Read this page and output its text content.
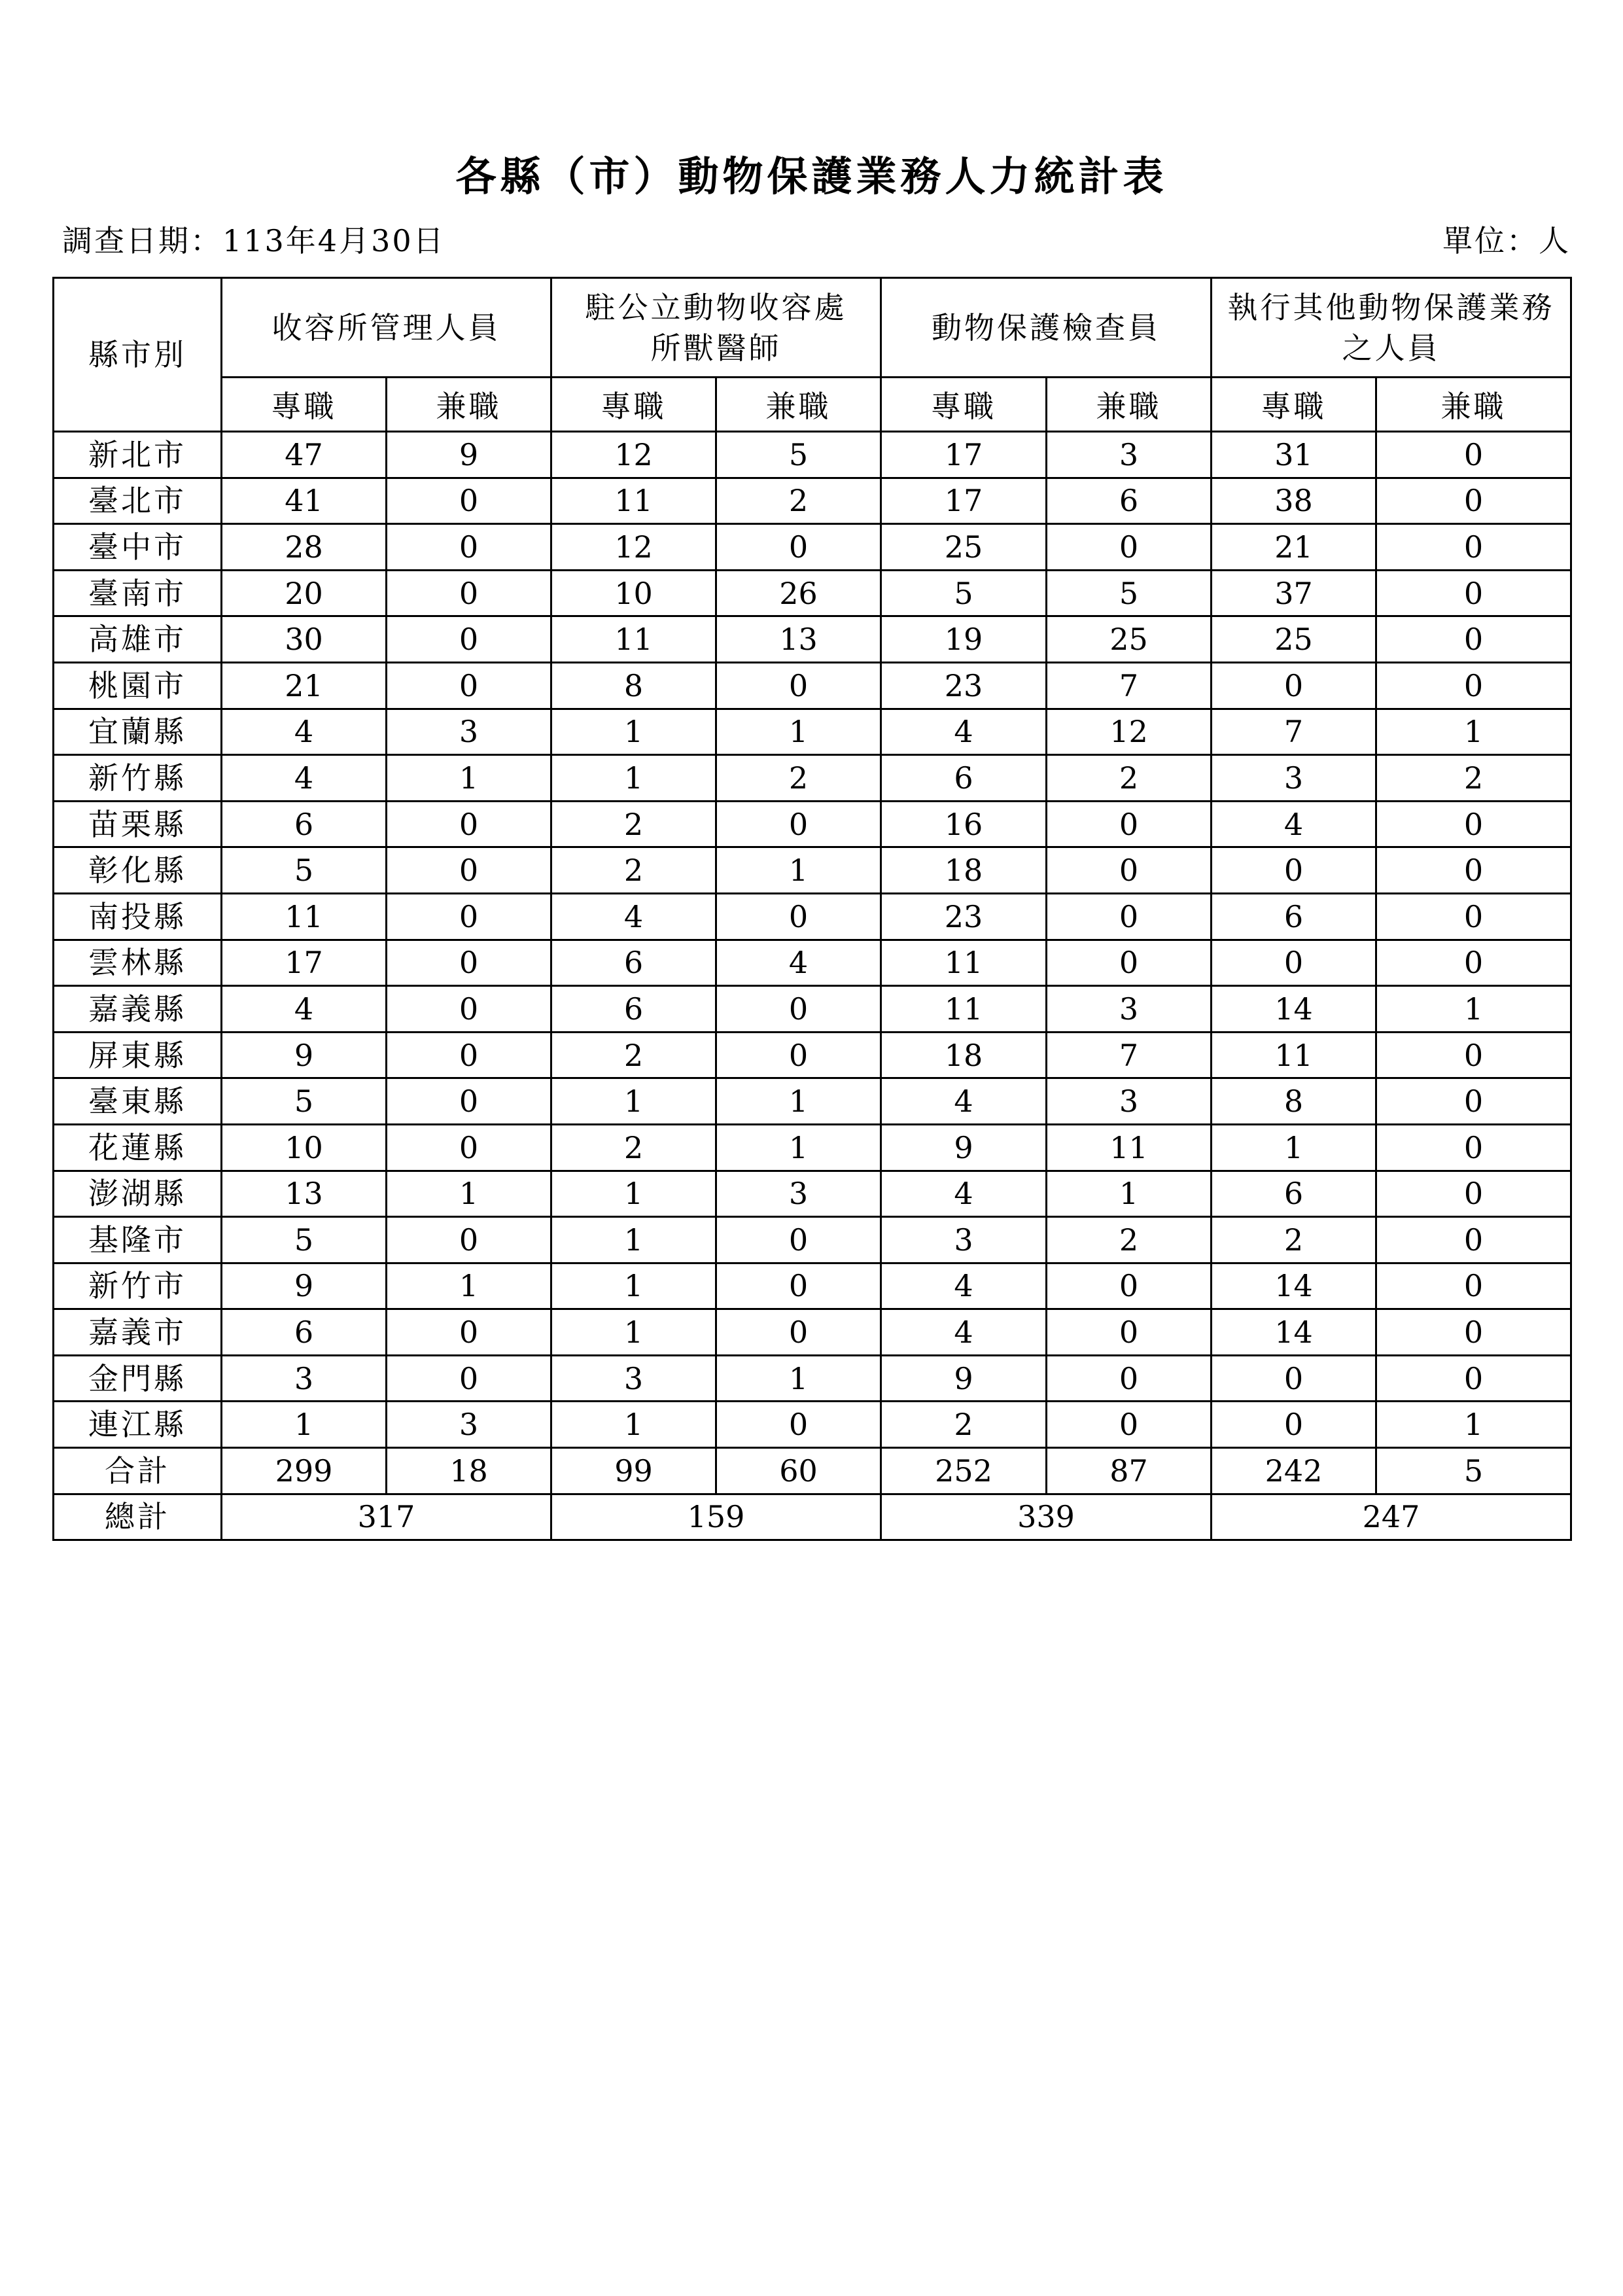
各縣（市）動物保護業務人力統計表
調查日期：113年4月30日	單位：人
縣市別	收容所管理人員		駐公立動物收容處所獸醫師		動物保護檢查員		執行其他動物保護業務之人員	
	專職	兼職	專職	兼職	專職	兼職	專職	兼職
新北市	47	9	12	5	17	3	31	0
臺北市	41	0	11	2	17	6	38	0
臺中市	28	0	12	0	25	0	21	0
臺南市	20	0	10	26	5	5	37	0
高雄市	30	0	11	13	19	25	25	0
桃園市	21	0	8	0	23	7	0	0
宜蘭縣	4	3	1	1	4	12	7	1
新竹縣	4	1	1	2	6	2	3	2
苗栗縣	6	0	2	0	16	0	4	0
彰化縣	5	0	2	1	18	0	0	0
南投縣	11	0	4	0	23	0	6	0
雲林縣	17	0	6	4	11	0	0	0
嘉義縣	4	0	6	0	11	3	14	1
屏東縣	9	0	2	0	18	7	11	0
臺東縣	5	0	1	1	4	3	8	0
花蓮縣	10	0	2	1	9	11	1	0
澎湖縣	13	1	1	3	4	1	6	0
基隆市	5	0	1	0	3	2	2	0
新竹市	9	1	1	0	4	0	14	0
嘉義市	6	0	1	0	4	0	14	0
金門縣	3	0	3	1	9	0	0	0
連江縣	1	3	1	0	2	0	0	1
合計	299	18	99	60	252	87	242	5
總計	317		159		339		247	
